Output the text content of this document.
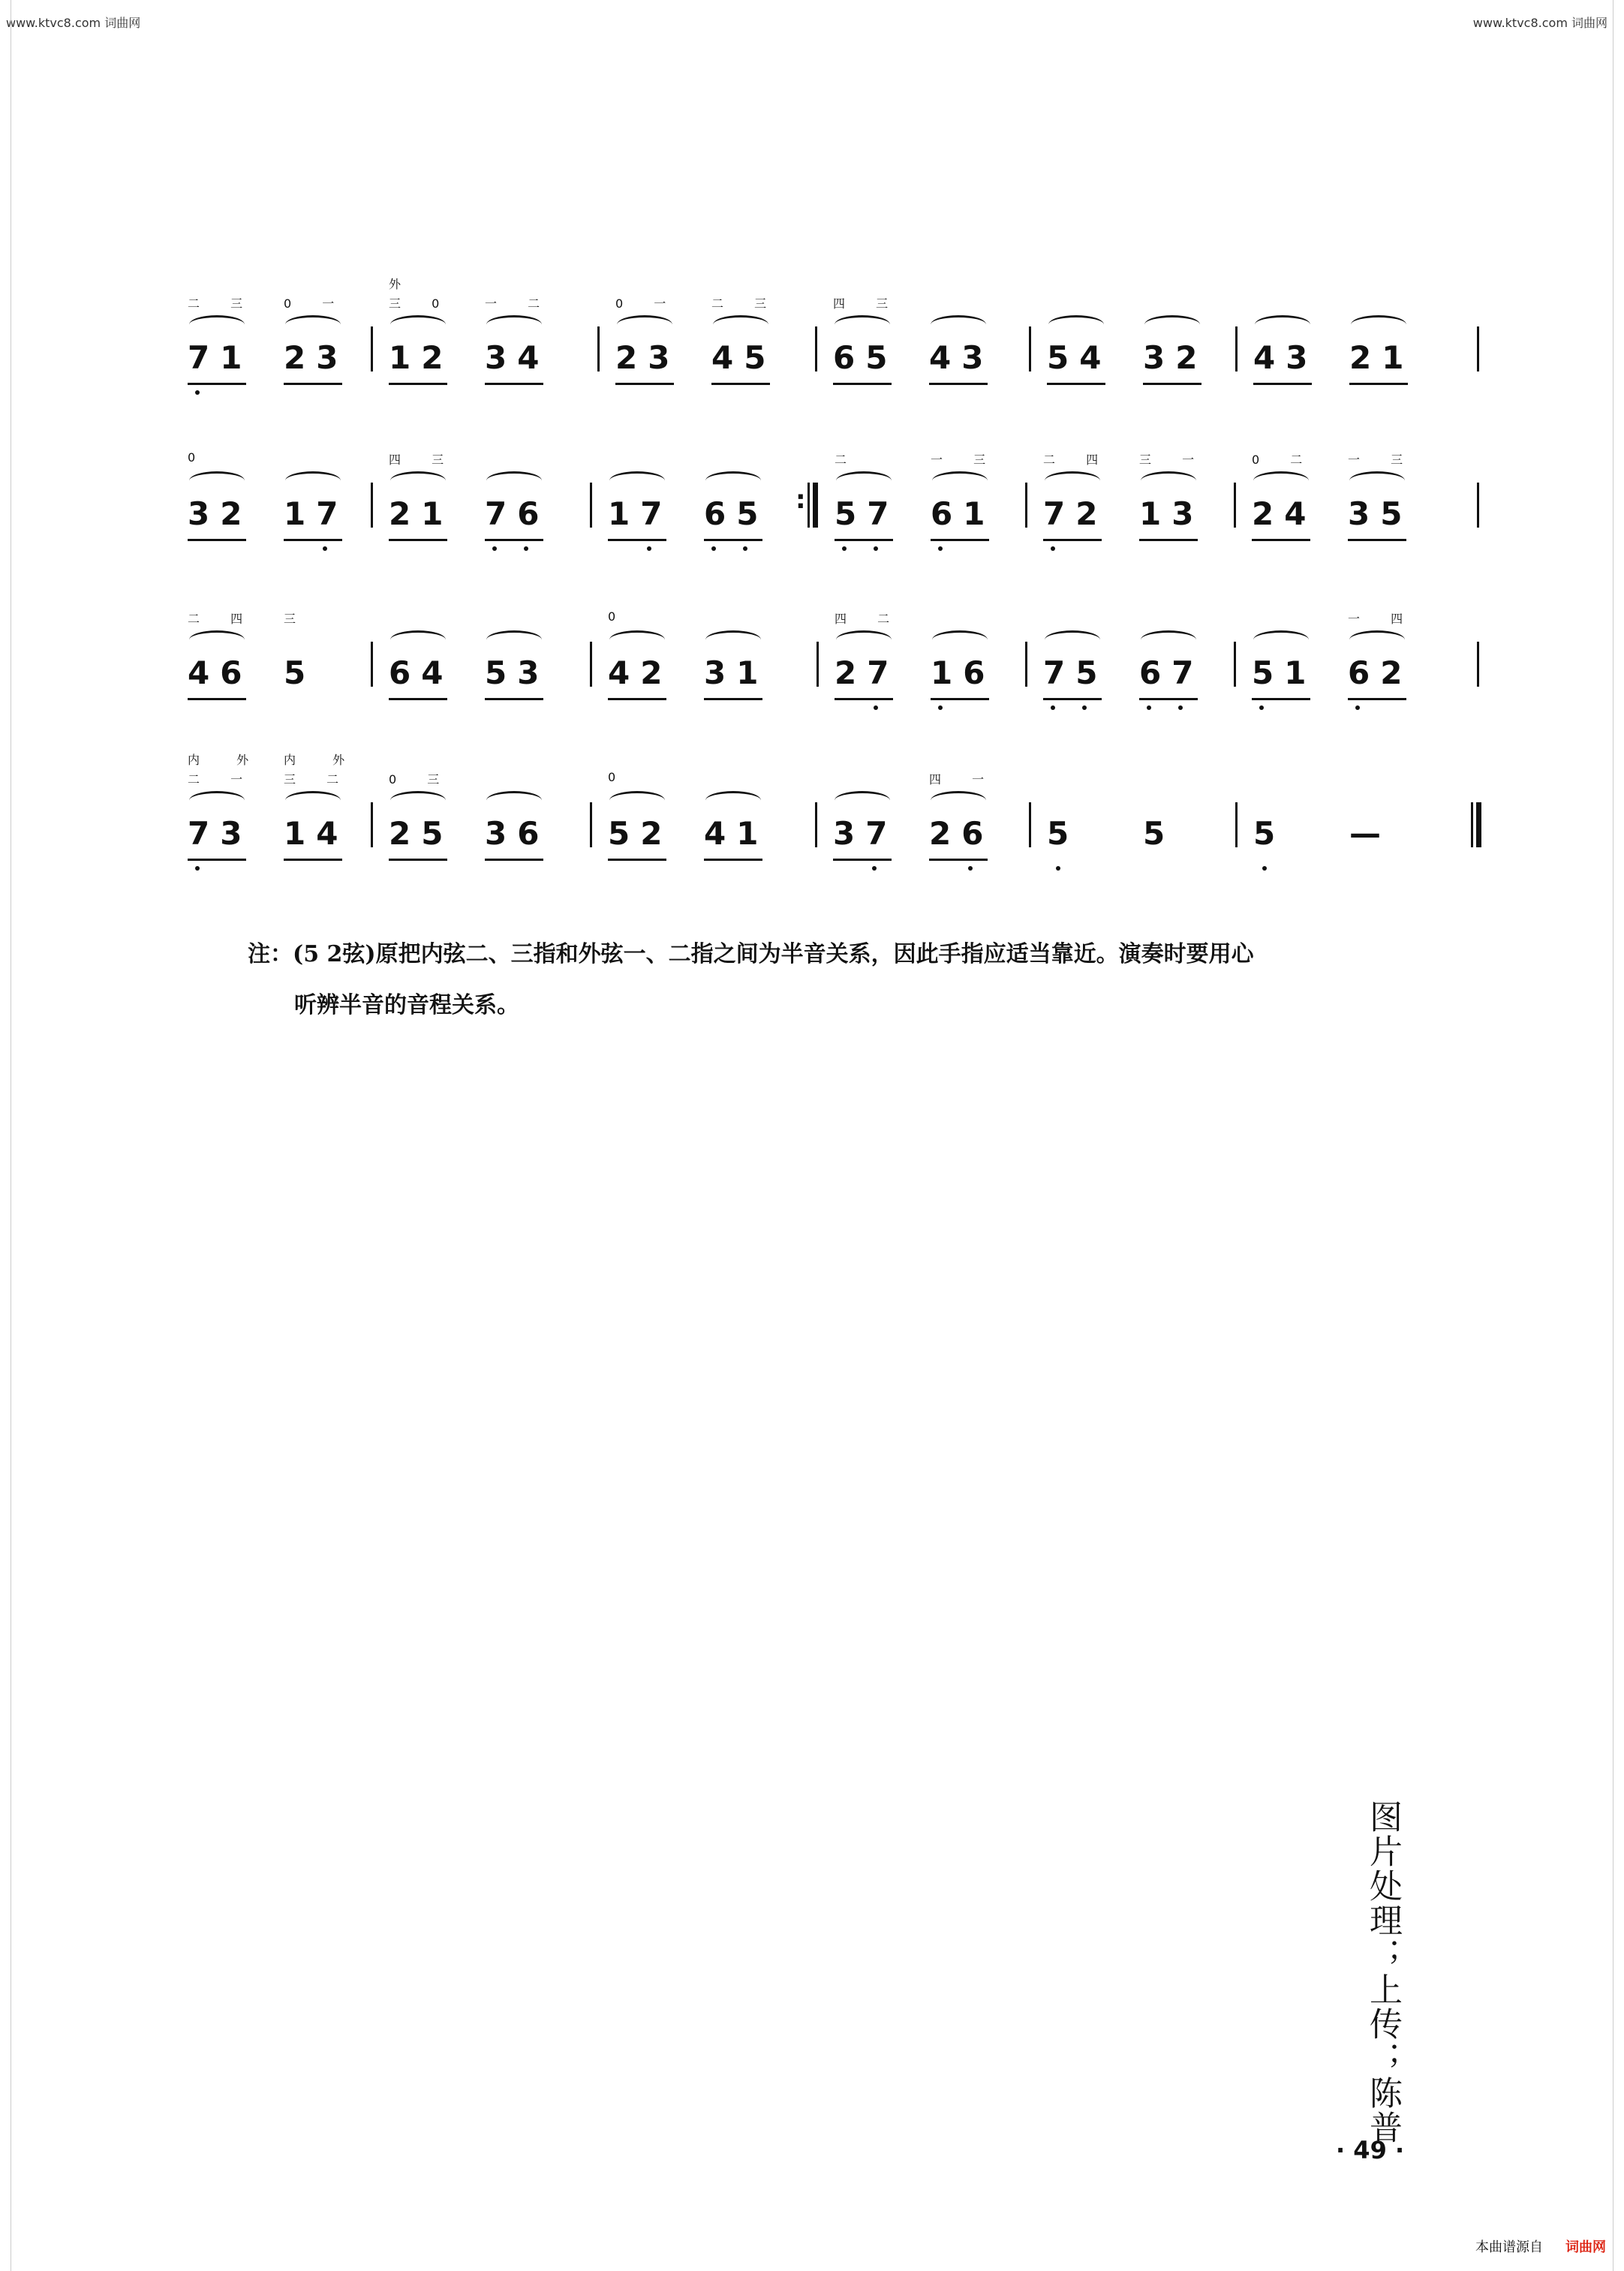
www.ktvc8.com 词曲网	www.ktvc8.com 词曲网
二 三
71
0 一
23
外
三 0
12
一 二
34
0 一
23
二 三
45
四 三
65 43 54 32 43 21
0
32 17
四 三
21 76 17 65 :
二
57
一 三
61
二 四
72
三 一
13
0 二
24
一 三
35
二 四
46
三
5 64 53
0
42 31
四 二
27 16 75 67 51
一 四
62
内 外
二 一
73
内 外
三 二
14
0 三
25 36
0
52 41 37
四 一
26 5 5 5 —
注：(5 2弦)原把内弦二、三指和外弦一、二指之间为半音关系，因此手指应适当靠近。演奏时要用心
听辨半音的音程关系。
图片处理；上传；陈普
· 49 ·
本曲谱源自 词曲网
